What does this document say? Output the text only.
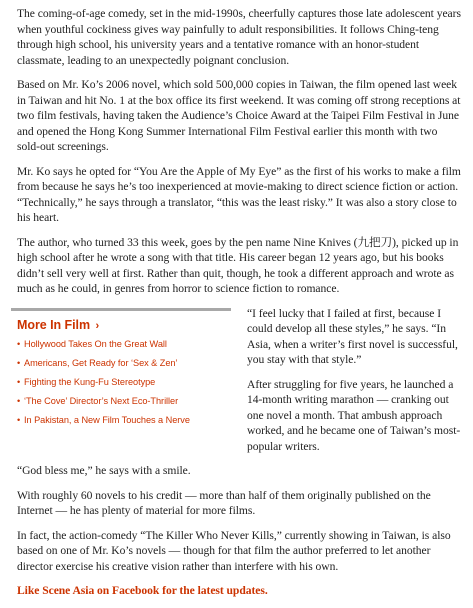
The coming-of-age comedy, set in the mid-1990s, cheerfully captures those late adolescent years when youthful cockiness gives way painfully to adult responsibilities. It follows Ching-teng through high school, his university years and a tentative romance with an honor-student classmate, leading to an unexpectedly poignant conclusion.

Based on Mr. Ko’s 2006 novel, which sold 500,000 copies in Taiwan, the film opened last week in Taiwan and hit No. 1 at the box office its first weekend. It was coming off strong receptions at two film festivals, having taken the Audience’s Choice Award at the Taipei Film Festival in June and opened the Hong Kong Summer International Film Festival earlier this month with two sold-out screenings.

Mr. Ko says he opted for “You Are the Apple of My Eye” as the first of his works to make a film from because he says he’s too inexperienced at movie-making to direct science fiction or action. “Technically,” he says through a translator, “this was the least risky.” It was also a story close to his heart.

The author, who turned 33 this week, goes by the pen name Nine Knives (九把刀), picked up in high school after he wrote a song with that title. His career began 12 years ago, but his books didn’t sell very well at first. Rather than quit, though, he took a different approach and wrote as much as he could, in genres from horror to science fiction to romance.

More In Film ›
• Hollywood Takes On the Great Wall
• Americans, Get Ready for ‘Sex & Zen’
• Fighting the Kung-Fu Stereotype
• ‘The Cove’ Director’s Next Eco-Thriller
• In Pakistan, a New Film Touches a Nerve

“I feel lucky that I failed at first, because I could develop all these styles,” he says. “In Asia, when a writer’s first novel is successful, you stay with that style.”

After struggling for five years, he launched a 14-month writing marathon — cranking out one novel a month. That ambush approach worked, and he became one of Taiwan’s most-popular writers.

“God bless me,” he says with a smile.

With roughly 60 novels to his credit — more than half of them originally published on the Internet — he has plenty of material for more films.

In fact, the action-comedy “The Killer Who Never Kills,” currently showing in Taiwan, is also based on one of Mr. Ko’s novels — though for that film the author preferred to let another director exercise his creative vision rather than interfere with his own.

Like Scene Asia on Facebook for the latest updates.
